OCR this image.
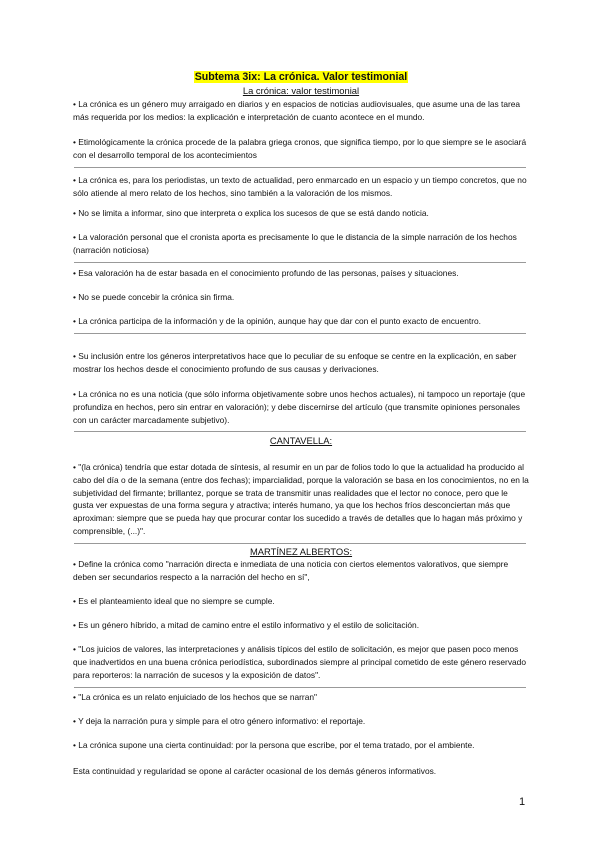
Subtema 3ix: La crónica. Valor testimonial
La crónica: valor testimonial
• La crónica es un género muy arraigado en diarios y en espacios de noticias audiovisuales, que asume una de las tarea más requerida por los medios: la explicación e interpretación de cuanto acontece en el mundo.
• Etimológicamente la crónica procede de la palabra griega cronos, que significa tiempo, por lo que siempre se le asociará con el desarrollo temporal de los acontecimientos
• La crónica es, para los periodistas, un texto de actualidad, pero enmarcado en un espacio y un tiempo concretos, que no sólo atiende al mero relato de los hechos, sino también a la valoración de los mismos.
• No se limita a informar, sino que interpreta o explica los sucesos de que se está dando noticia.
• La valoración personal que el cronista aporta es precisamente lo que le distancia de la simple narración de los hechos (narración noticiosa)
• Esa valoración ha de estar basada en el conocimiento profundo de las personas, países y situaciones.
• No se puede concebir la crónica sin firma.
• La crónica participa de la información y de la opinión, aunque hay que dar con el punto exacto de encuentro.
• Su inclusión entre los géneros interpretativos hace que lo peculiar de su enfoque se centre en la explicación, en saber mostrar los hechos desde el conocimiento profundo de sus causas y derivaciones.
• La crónica no es una noticia (que sólo informa objetivamente sobre unos hechos actuales), ni tampoco un reportaje (que profundiza en hechos, pero sin entrar en valoración); y debe discernirse del artículo (que transmite opiniones personales con un carácter marcadamente subjetivo).
CANTAVELLA:
• "(la crónica) tendría que estar dotada de síntesis, al resumir en un par de folios todo lo que la actualidad ha producido al cabo del día o de la semana (entre dos fechas); imparcialidad, porque la valoración se basa en los conocimientos, no en la subjetividad del firmante; brillantez, porque se trata de transmitir unas realidades que el lector no conoce, pero que le gusta ver expuestas de una forma segura y atractiva; interés humano, ya que los hechos fríos desconciertan más que aproximan: siempre que se pueda hay que procurar contar los sucedido a través de detalles que lo hagan más próximo y comprensible, (...)".
MARTÍNEZ ALBERTOS:
• Define la crónica como "narración directa e inmediata de una noticia con ciertos elementos valorativos, que siempre deben ser secundarios respecto a la narración del hecho en sí",
• Es el planteamiento ideal que no siempre se cumple.
• Es un género híbrido, a mitad de camino entre el estilo informativo y el estilo de solicitación.
• "Los juicios de valores, las interpretaciones y análisis típicos del estilo de solicitación, es mejor que pasen poco menos que inadvertidos en una buena crónica periodística, subordinados siempre al principal cometido de este género reservado para reporteros: la narración de sucesos y la exposición de datos".
• "La crónica es un relato enjuiciado de los hechos que se narran"
• Y deja la narración pura y simple para el otro género informativo: el reportaje.
• La crónica supone una cierta continuidad: por la persona que escribe, por el tema tratado, por el ambiente.
Esta continuidad y regularidad se opone al carácter ocasional de los demás géneros informativos.
1
